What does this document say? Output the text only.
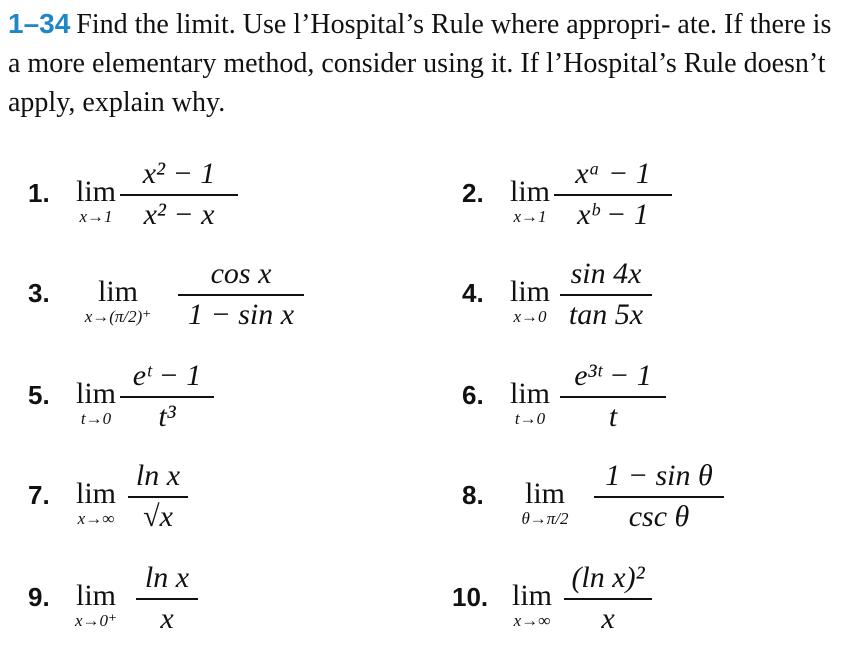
1–34 Find the limit. Use l’Hospital’s Rule where appropri- ate. If there is a more elementary method, consider using it. If l’Hospital’s Rule doesn’t apply, explain why.
1. lim
x→1
x² − 1
x² − x
2. lim
x→1
xᵃ − 1
xᵇ − 1
3.	lim
x→(π/2)⁺
cos x
1 − sin x
4. lim
x→0
sin 4x
tan 5x
5. lim
t→0
eᵗ − 1
t³
6. lim
t→0
e³ᵗ − 1
t
7. lim
x→∞
ln x
√x
8.	lim
θ→π/2
1 − sin θ
csc θ
9. lim
x→0⁺
ln x
x
10. lim
x→∞
(ln x)²
x
